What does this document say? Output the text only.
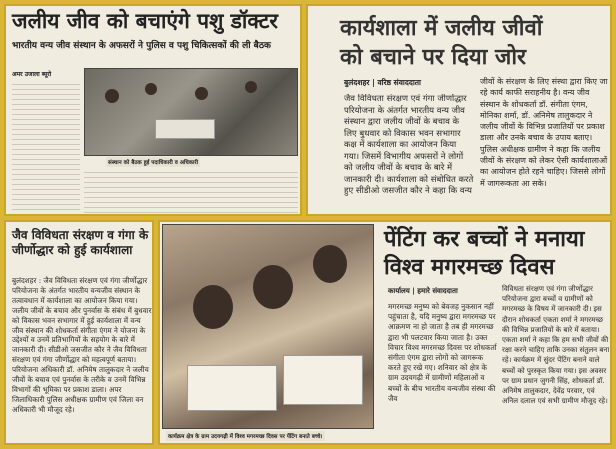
जलीय जीव को बचाएंगे पशु डॉक्टर
भारतीय वन्य जीव संस्थान के अफसरों ने पुलिस व पशु चिकित्सकों की ली बैठक
अमर उजाला ब्यूरो
संस्थान को बैठक हुई पदाधिकारी व अधिकारी
कार्यशाला में जलीय जीवों को बचाने पर दिया जोर
बुलंदशहर | वरिष्ठ संवाददाता
जैव विविधता संरक्षण एवं गंगा जीर्णोद्धार परियोजना के अंतर्गत भारतीय वन्य जीव संस्थान द्वारा जलीय जीवों के बचाव के लिए बुधवार को विकास भवन सभागार कक्ष में कार्यशाला का आयोजन किया गया। जिसमें विभागीय अफसरों ने लोगों को जलीय जीवों के बचाव के बारे में जानकारी दी। कार्यशाला को संबोधित करते हुए सीडीओ जसजीत कौर ने कहा कि वन्य
जीवों के संरक्षण के लिए संस्था द्वारा किए जा रहे कार्य काफी सराहनीय है। वन्य जीव संस्थान के शोधकर्ता डॉ. संगीता एंगम, मोनिका शर्मा, डॉ. अनिमेष तालुकदार ने जलीय जीवों के विभिन्न प्रजातियों पर प्रकाश डाला और उनके बचाव के उपाय बताए। पुलिस अधीक्षक ग्रामीण ने कहा कि जलीय जीवों के संरक्षण को लेकर ऐसी कार्यशालाओं का आयोजन होते रहने चाहिए। जिससे लोगों में जागरूकता आ सके।
जैव विविधता संरक्षण व गंगा के जीर्णोद्धार को हुई कार्यशाला
बुलंदशहर : जैव विविधता संरक्षण एवं गंगा जीर्णोद्धार परियोजना के अंतर्गत भारतीय वन्यजीव संस्थान के तत्वावधान में कार्यशाला का आयोजन किया गया। जलीय जीवों के बचाव और पुनर्वास के संबंध में बुधवार को विकास भवन सभागार में हुई कार्यशाला में वन्य जीव संस्थान की शोधकर्ता संगीता एंगम ने योजना के उद्देश्यों व उनमें प्रतिभागियों के सहयोग के बारे में जानकारी दी। सीडीओ जसजीत कौर ने जैव विविधता संरक्षण एवं गंगा जीर्णोद्धार को महत्वपूर्ण बताया। परियोजना अधिकारी डॉ. अनिमेष तालुकदार ने जलीय जीवों के बचाव एवं पुनर्वास के तरीके व उनमें विभिन्न विभागों की भूमिका पर प्रकाश डाला। अपर जिलाधिकारी पुलिस अधीक्षक ग्रामीण एवं जिला वन अधिकारी भी मौजूद रहे।
कार्यक्रम क्षेत्र के ग्राम उदयगढ़ी में विश्व मगरमच्छ दिवस पर पेंटिंग बनाते बच्चे।
पेंटिंग कर बच्चों ने मनाया विश्व मगरमच्छ दिवस
कार्यालय | हमारे संवाददाता
मगरमच्छ मनुष्य को बेवजह नुकसान नहीं पहुंचाता है, यदि मनुष्य द्वारा मगरमच्छ पर आक्रमण ना हो जाता है तब ही मगरमच्छ द्वारा भी पलटवार किया जाता है। उक्त विचार विश्व मगरमच्छ दिवस पर शोधकर्ता संगीता एंगम द्वारा लोगों को जागरूक करते हुए रखे गए। शनिवार को क्षेत्र के ग्राम उदयगढ़ी में ग्रामीणों महिलाओं व बच्चों के बीच भारतीय वन्यजीव संस्था की जैव
विविधता संरक्षण एवं गंगा जीर्णोद्धार परियोजना द्वारा बच्चों व ग्रामीणों को मगरमच्छ के विषय में जानकारी दी। इस दौरान शोधकर्ता एकता शर्मा ने मगरमच्छ की विभिन्न प्रजातियों के बारे में बताया। एकता शर्मा ने कहा कि हम सभी जीवों की रक्षा करने चाहिए ताकि उनका संतुलन बना रहे। कार्यक्रम में सुंदर पेंटिंग बनाने वाले बच्चों को पुरस्कृत किया गया। इस अवसर पर ग्राम प्रधान जुगनी सिंह, शोधकर्ता डॉ. अनिमेष तालुकदार, देवेंद्र परवार, एवं अनिल दलाल एवं सभी ग्रामीण मौजूद रहे।
